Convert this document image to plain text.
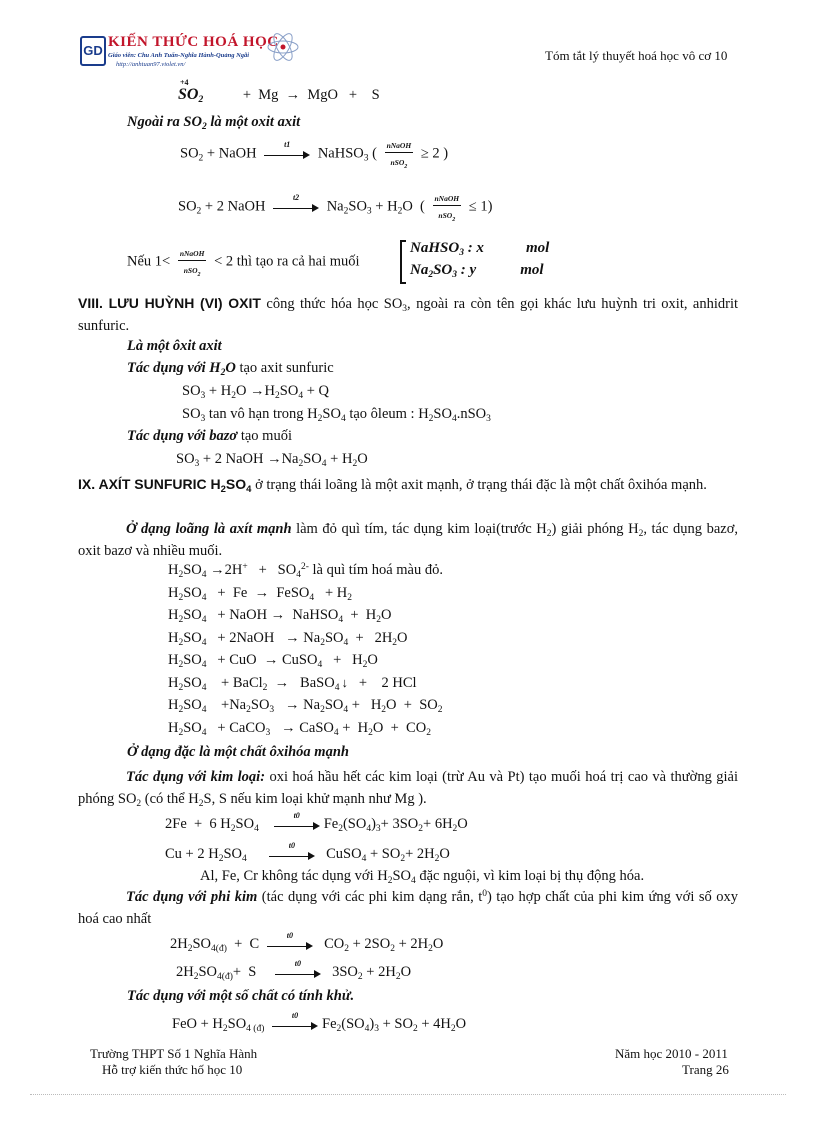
GD
KIẾN THỨC HOÁ HỌC
Giáo viên: Chu Anh Tuấn-Nghĩa Hành-Quảng Ngãi
http://anhtuan97.violet.vn/
Tóm tắt lý thuyết hoá học vô cơ 10
+4
$SO_2$	+  Mg  →  MgO   +    S
Ngoài ra $SO_2$ là một oxit axit
$SO_2$ + NaOH
t1
NaHSO$_3$ ( $\frac{\text{nNaOH}}{nSO_2} \ge 2$ )
$SO_2 + 2$ NaOH
t2
$Na_2SO_3 + H_2O$  ( $\frac{\text{nNaOH}}{nSO_2} \le 1$)
Nếu $1< \frac{\text{nNaOH}}{nSO_2} < 2$ thì tạo ra cả hai muối
NaHSO$_3$ : x	mol
$Na_2SO_3$ : y	mol
VIII. LƯU HUỲNH (VI) OXIT công thức hóa học $SO_3$, ngoài ra còn tên gọi khác lưu huỳnh tri oxit, anhidrit sunfuric.
Là một ôxit axit
Tác dụng với $H_2O$ tạo axit sunfuric
$SO_3 + H_2O \to H_2SO_4 + Q$
$SO_3$ tan vô hạn trong $H_2SO_4$ tạo ôleum : $H_2SO_4.nSO_3$
Tác dụng với bazơ tạo muối
$SO_3 + 2$ NaOH $\to Na_2SO_4 + H_2O$
IX. AXÍT SUNFURIC $H_2SO_4$ ở trạng thái loãng là một axit mạnh, ở trạng thái đặc là một chất ôxihóa mạnh.
Ở dạng loãng là axít mạnh làm đỏ quì tím, tác dụng kim loại(trước $H_2$) giải phóng $H_2$, tác dụng bazơ, oxit bazơ và nhiều muối.
$H_2SO_4 \to 2H^+ + SO_4^{2-}$ là quì tím hoá màu đỏ.
$H_2SO_4 + Fe$  →  FeSO$_4$   + $H_2$
$H_2SO_4$   + NaOH →  NaHSO$_4$  +  $H_2O$
$H_2SO_4$   + 2NaOH   → $Na_2SO_4 + 2H_2O$
$H_2SO_4$   + CuO  → CuSO$_4$   +   $H_2O$
$H_2SO_4$    + BaCl$_2$  →   BaSO$_4$ ↓   +    2 HCl
$H_2SO_4$    $+Na_2SO_3 \to Na_2SO_4 + H_2O + SO_2$
$H_2SO_4$   + CaCO$_3$   → CaSO$_4$ +  $H_2O + CO_2$
Ở dạng đặc là một chất ôxihóa mạnh
Tác dụng với kim loại: oxi hoá hầu hết các kim loại (trừ Au và Pt) tạo muối hoá trị cao và thường giải phóng $SO_2$ (có thể $H_2S$, S nếu kim loại khử mạnh như Mg ).
2Fe  +  6 $H_2SO_4$
t0
$Fe_2(SO_4)_3+ 3SO_2+ 6H_2O$
Cu + 2 $H_2SO_4$
t0
CuSO$_4$ + $SO_2+ 2H_2O$
Al, Fe, Cr không tác dụng với $H_2SO_4$ đặc nguội, vì kim loại bị thụ động hóa.
Tác dụng với phi kim (tác dụng với các phi kim dạng rắn, $t^0$) tạo hợp chất của phi kim ứng với số oxy hoá cao nhất
$2H_2SO_{4(đ)} + C$
t0
$CO_2 + 2SO_2 + 2H_2O$
$2H_2SO_{4(đ)}+ S$
t0
$3SO_2 + 2H_2O$
Tác dụng với một số chất có tính khử.
FeO + $H_2SO_{4 (đ)}$
t0
$Fe_2(SO_4)_3 + SO_2 + 4H_2O$
Trường THPT Số 1 Nghĩa Hành
Hỗ trợ kiến thức hố học 10
Năm học 2010 - 2011
Trang 26
